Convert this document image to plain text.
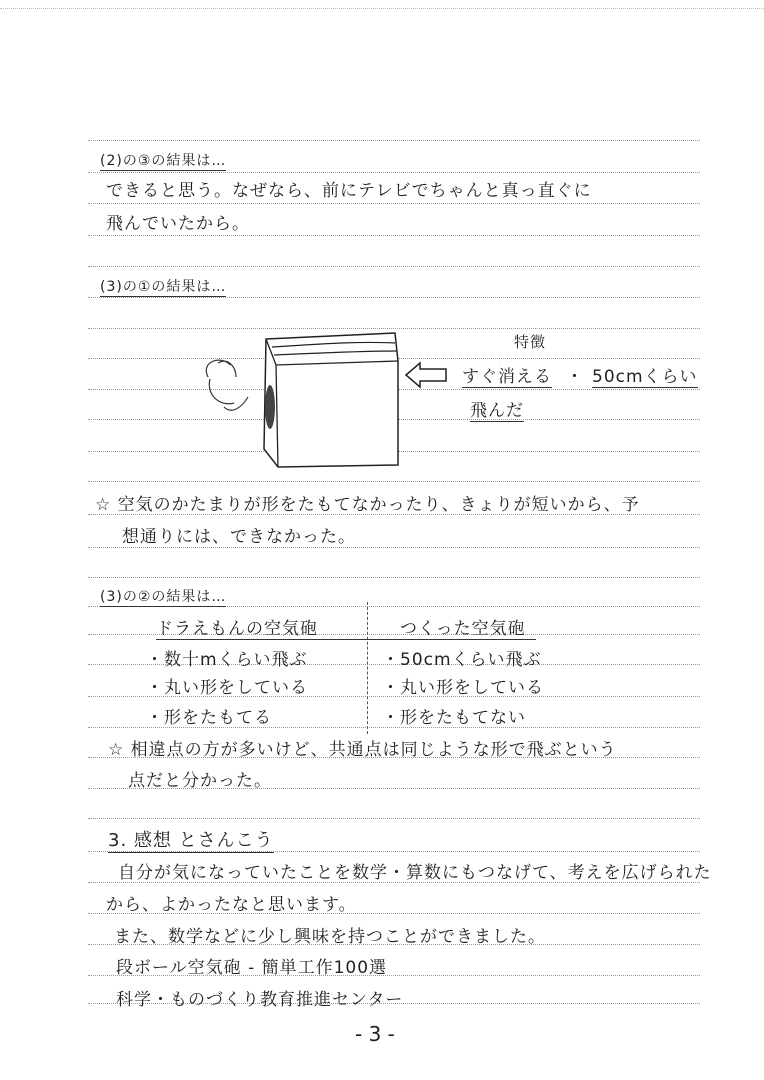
(2)の③の結果は…
できると思う。なぜなら、前にテレビでちゃんと真っ直ぐに
飛んでいたから。
(3)の①の結果は…
特徴
すぐ消える ・ 50cmくらい
飛んだ
☆ 空気のかたまりが形をたもてなかったり、きょりが短いから、予
想通りには、できなかった。
(3)の②の結果は…
ドラえもんの空気砲	つくった空気砲
・数十mくらい飛ぶ	・50cmくらい飛ぶ
・丸い形をしている	・丸い形をしている
・形をたもてる	・形をたもてない
☆ 相違点の方が多いけど、共通点は同じような形で飛ぶという
点だと分かった。
3. 感想 とさんこう
自分が気になっていたことを数学・算数にもつなげて、考えを広げられた
から、よかったなと思います。
また、数学などに少し興味を持つことができました。
段ボール空気砲 - 簡単工作100選
科学・ものづくり教育推進センター
- 3 -
